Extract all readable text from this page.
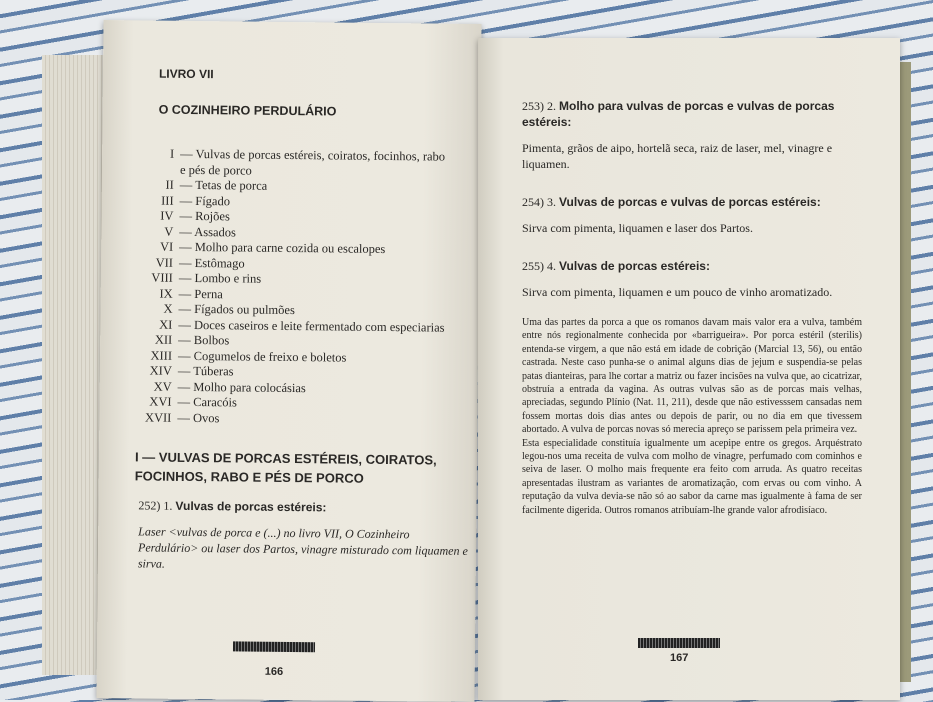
LIVRO VII
O COZINHEIRO PERDULÁRIO
I — Vulvas de porcas estéreis, coiratos, focinhos, rabo
e pés de porco
II — Tetas de porca
III — Fígado
IV — Rojões
V — Assados
VI — Molho para carne cozida ou escalopes
VII — Estômago
VIII — Lombo e rins
IX — Perna
X — Fígados ou pulmões
XI — Doces caseiros e leite fermentado com especiarias
XII — Bolbos
XIII — Cogumelos de freixo e boletos
XIV — Túberas
XV — Molho para colocásias
XVI — Caracóis
XVII — Ovos
I — VULVAS DE PORCAS ESTÉREIS, COIRATOS,
FOCINHOS, RABO E PÉS DE PORCO
252) 1. Vulvas de porcas estéreis:
Laser <vulvas de porca e (...) no livro VII, O Cozinheiro Perdulário> ou laser dos Partos, vinagre misturado com liquamen e sirva.
166
253) 2. Molho para vulvas de porcas e vulvas de porcas estéreis:
Pimenta, grãos de aipo, hortelã seca, raiz de laser, mel, vinagre e liquamen.
254) 3. Vulvas de porcas e vulvas de porcas estéreis:
Sirva com pimenta, liquamen e laser dos Partos.
255) 4. Vulvas de porcas estéreis:
Sirva com pimenta, liquamen e um pouco de vinho aromatizado.
Uma das partes da porca a que os romanos davam mais valor era a vulva, também entre nós regionalmente conhecida por «barrigueira». Por porca estéril (sterilis) entenda-se virgem, a que não está em idade de cobrição (Marcial 13, 56), ou então castrada. Neste caso punha-se o animal alguns dias de jejum e suspendia-se pelas patas dianteiras, para lhe cortar a matriz ou fazer incisões na vulva que, ao cicatrizar, obstruía a entrada da vagina. As outras vulvas são as de porcas mais velhas, apreciadas, segundo Plínio (Nat. 11, 211), desde que não estivesssem cansadas nem fossem mortas dois dias antes ou depois de parir, ou no dia em que tivessem abortado. A vulva de porcas novas só merecia apreço se parissem pela primeira vez.
Esta especialidade constituía igualmente um acepipe entre os gregos. Arquéstrato legou-nos uma receita de vulva com molho de vinagre, perfumado com cominhos e seiva de laser. O molho mais frequente era feito com arruda. As quatro receitas apresentadas ilustram as variantes de aromatização, com ervas ou com vinho. A reputação da vulva devia-se não só ao sabor da carne mas igualmente à fama de ser facilmente digerida. Outros romanos atribuíam-lhe grande valor afrodisíaco.
167
